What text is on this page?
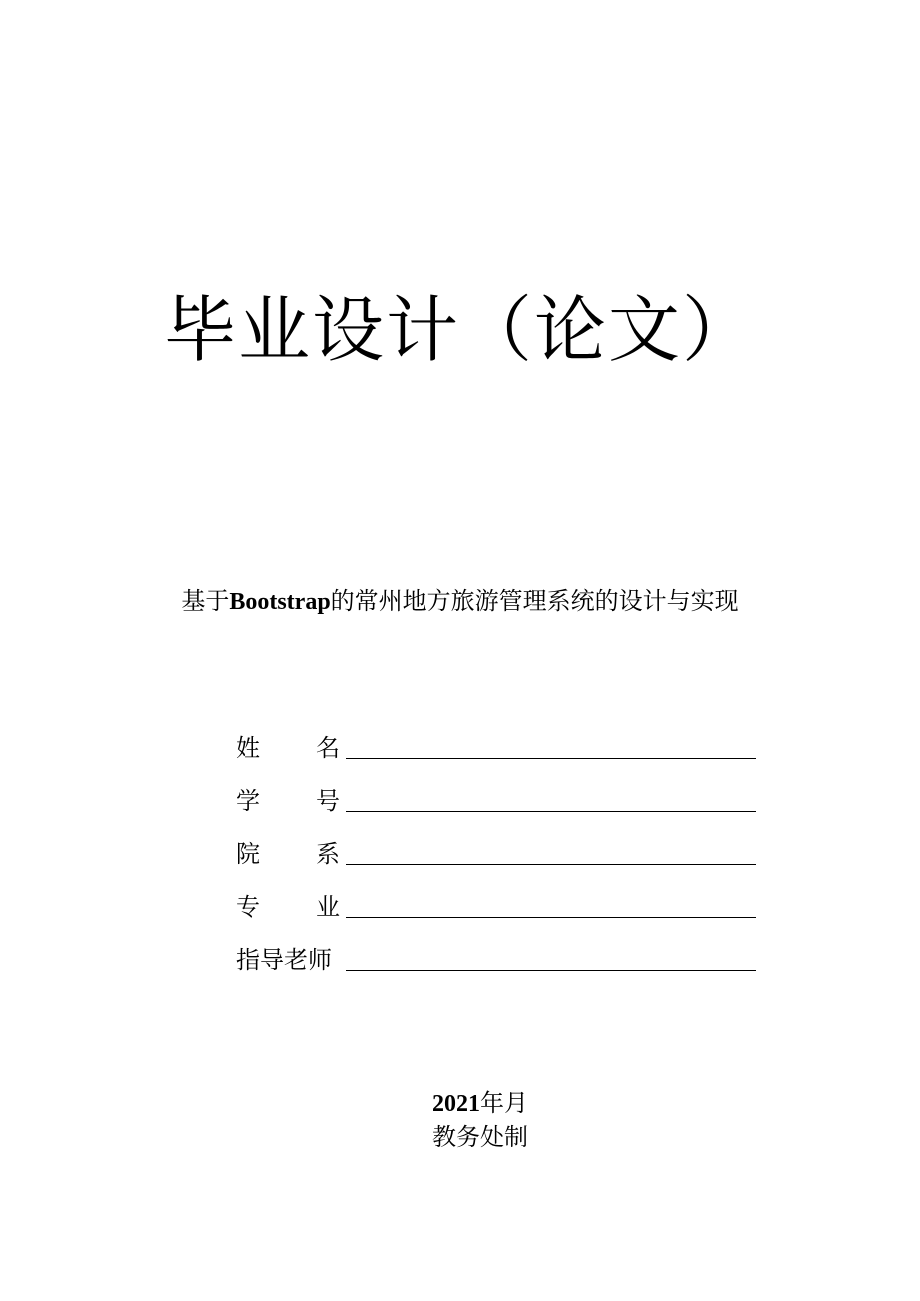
毕业设计（论文）
基于Bootstrap的常州地方旅游管理系统的设计与实现
姓 名
学 号
院 系
专 业
指导老师
2021年月
教务处制
